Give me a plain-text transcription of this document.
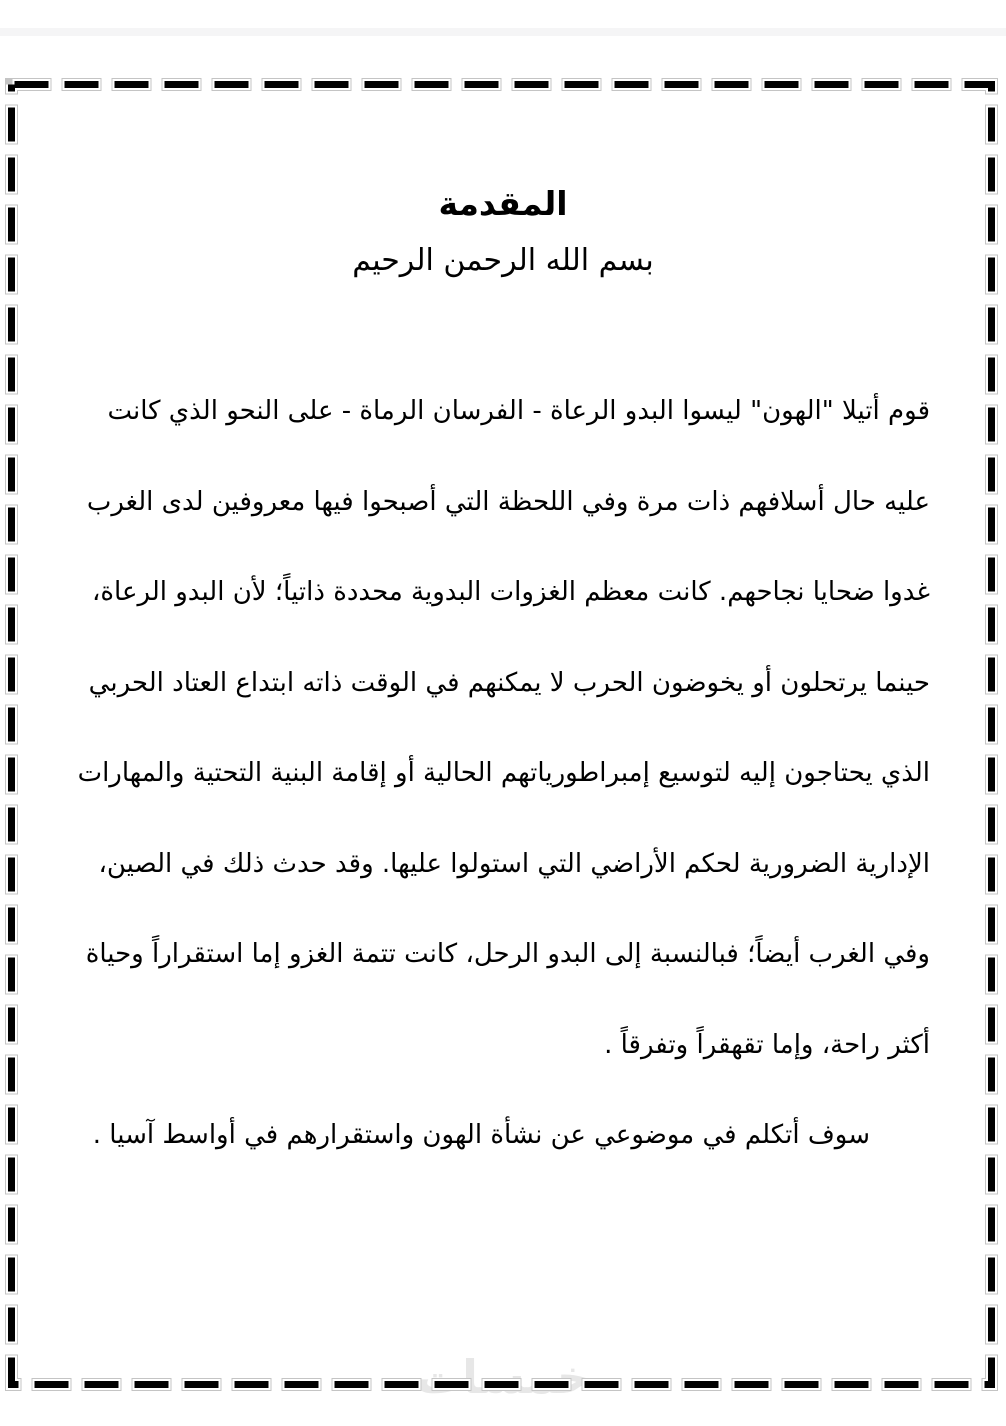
خمسات
المقدمة
بسم الله الرحمن الرحيم
قوم أتيلا "الهون" ليسوا البدو الرعاة - الفرسان الرماة - على النحو الذي كانت
عليه حال أسلافهم ذات مرة وفي اللحظة التي أصبحوا فيها معروفين لدى الغرب
غدوا ضحايا نجاحهم. كانت معظم الغزوات البدوية محددة ذاتياً؛ لأن البدو الرعاة،
حينما يرتحلون أو يخوضون الحرب لا يمكنهم في الوقت ذاته ابتداع العتاد الحربي
الذي يحتاجون إليه لتوسيع إمبراطورياتهم الحالية أو إقامة البنية التحتية والمهارات
الإدارية الضرورية لحكم الأراضي التي استولوا عليها. وقد حدث ذلك في الصين،
وفي الغرب أيضاً؛ فبالنسبة إلى البدو الرحل، كانت تتمة الغزو إما استقراراً وحياة
أكثر راحة، وإما تقهقراً وتفرقاً .
سوف أتكلم في موضوعي عن نشأة الهون واستقرارهم في أواسط آسيا .
